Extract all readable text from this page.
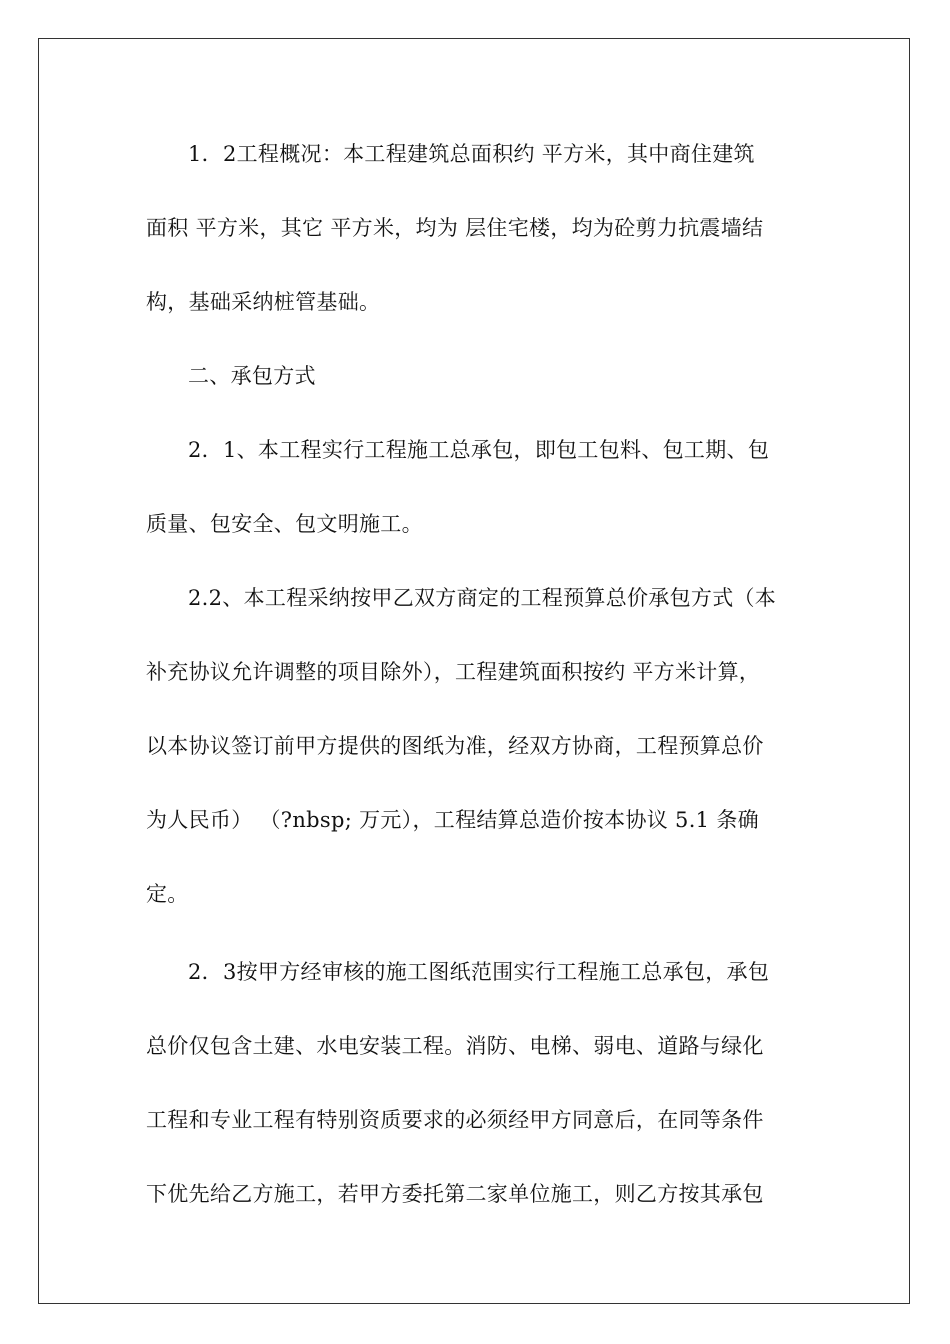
1．2工程概况：本工程建筑总面积约 平方米，其中商住建筑
面积 平方米，其它 平方米，均为 层住宅楼，均为砼剪力抗震墙结
构，基础采纳桩管基础。
二、承包方式
2．1、本工程实行工程施工总承包，即包工包料、包工期、包
质量、包安全、包文明施工。
2.2、本工程采纳按甲乙双方商定的工程预算总价承包方式（本
补充协议允许调整的项目除外），工程建筑面积按约 平方米计算，
以本协议签订前甲方提供的图纸为准，经双方协商，工程预算总价
为人民币） （?nbsp; 万元），工程结算总造价按本协议 5.1 条确
定。
2．3按甲方经审核的施工图纸范围实行工程施工总承包，承包
总价仅包含土建、水电安装工程。消防、电梯、弱电、道路与绿化
工程和专业工程有特别资质要求的必须经甲方同意后，在同等条件
下优先给乙方施工，若甲方委托第二家单位施工，则乙方按其承包
